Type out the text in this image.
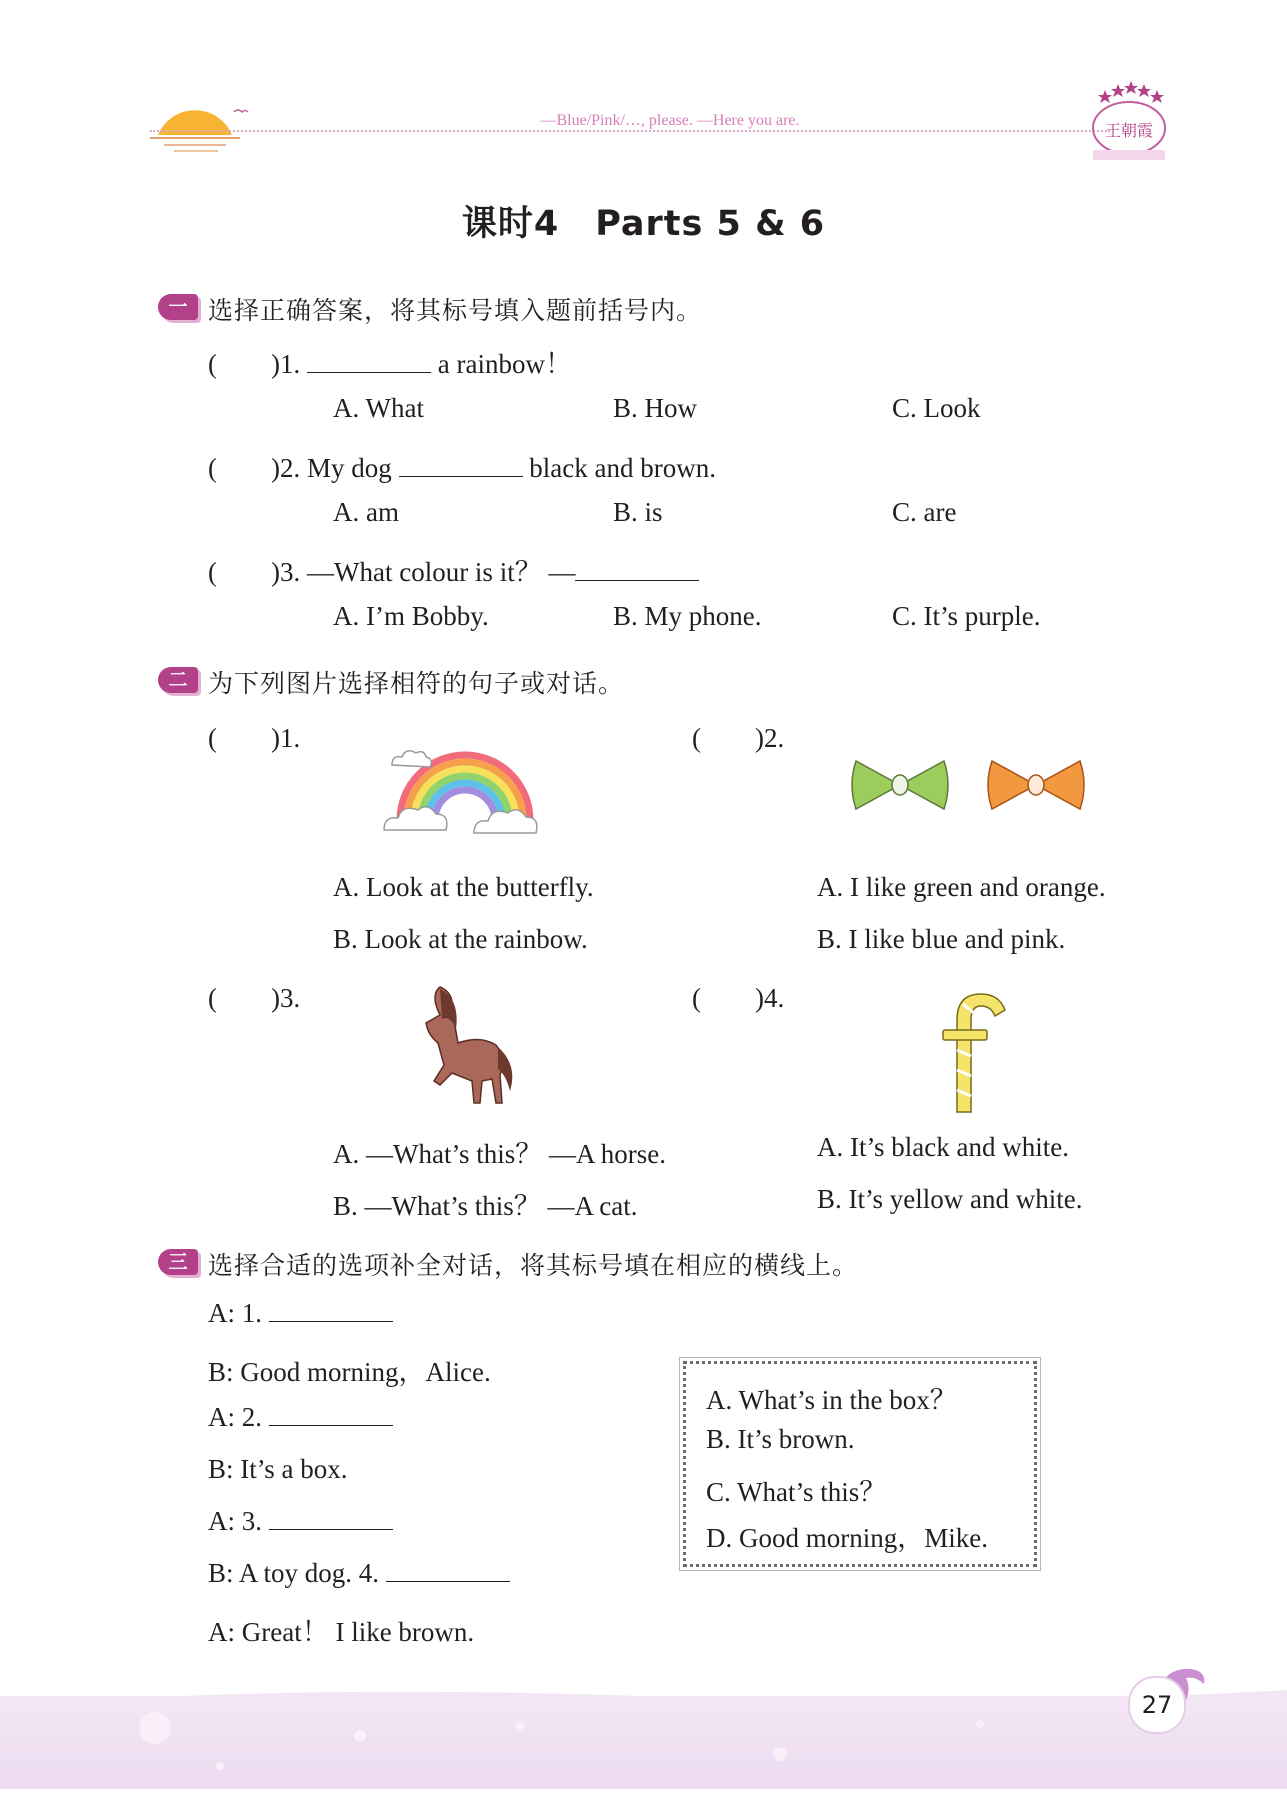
—Blue/Pink/…, please. —Here you are.
王朝霞
课时4　Parts 5 & 6
一 选择正确答案，将其标号填入题前括号内。
(　　)1.	a rainbow！
A. What	B. How	C. Look
(　　)2. My dog	black and brown.
A. am	B. is	C. are
(　　)3. —What colour is it？ —
A. I’m Bobby.	B. My phone.	C. It’s purple.
二 为下列图片选择相符的句子或对话。
(　　)1.
A. Look at the butterfly.
B. Look at the rainbow.
(　　)2.
A. I like green and orange.
B. I like blue and pink.
(　　)3.
A. —What’s this？ —A horse.
B. —What’s this？ —A cat.
(　　)4.
A. It’s black and white.
B. It’s yellow and white.
三 选择合适的选项补全对话，将其标号填在相应的横线上。
A: 1.
B: Good morning，Alice.
A: 2.
B: It’s a box.
A: 3.
B: A toy dog. 4.
A: Great！ I like brown.
A. What’s in the box？
B. It’s brown.
C. What’s this？
D. Good morning，Mike.
27
